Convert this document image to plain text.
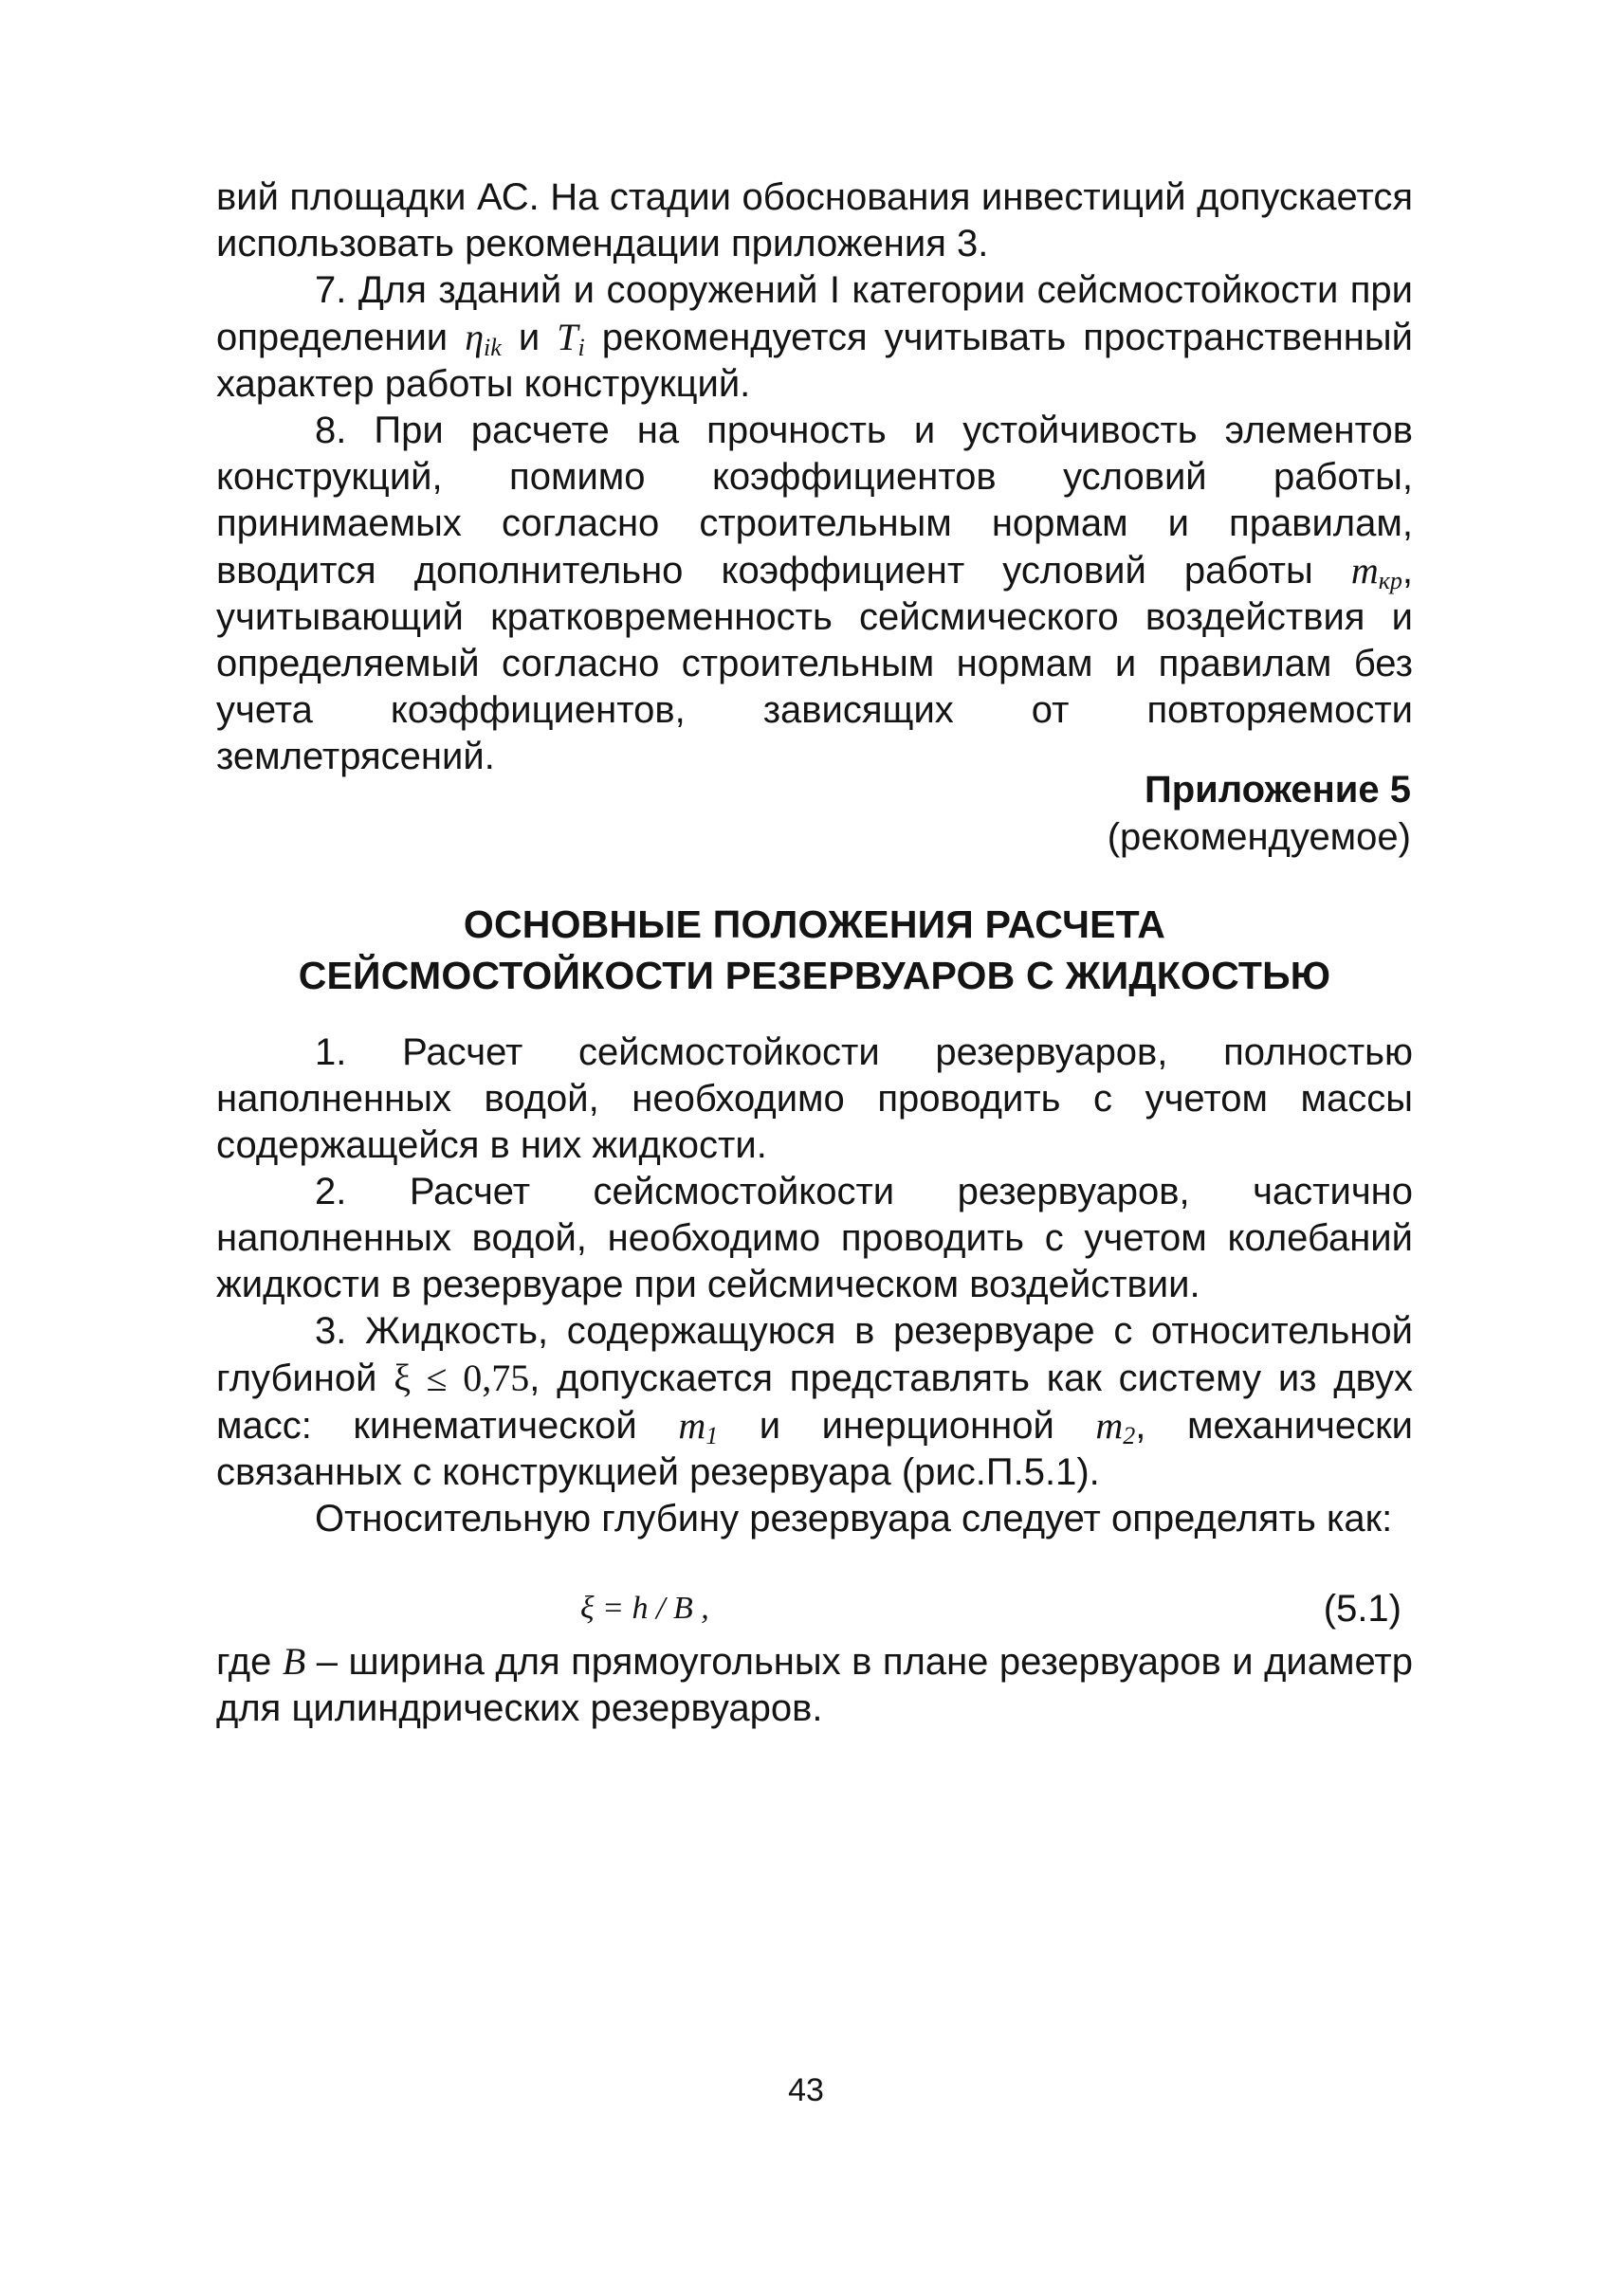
вий площадки АС. На стадии обоснования инвестиций допускается использовать рекомендации приложения 3.

7. Для зданий и сооружений I категории сейсмостойкости при определении $\eta_{ik}$ и $T_i$ рекомендуется учитывать пространственный характер работы конструкций.

8. При расчете на прочность и устойчивость элементов конструкций, помимо коэффициентов условий работы, принимаемых согласно строительным нормам и правилам, вводится дополнительно коэффициент условий работы $m_{кр}$, учитывающий кратковременность сейсмического воздействия и определяемый согласно строительным нормам и правилам без учета коэффициентов, зависящих от повторяемости землетрясений.

Приложение 5
(рекомендуемое)
ОСНОВНЫЕ ПОЛОЖЕНИЯ РАСЧЕТА
СЕЙСМОСТОЙКОСТИ РЕЗЕРВУАРОВ С ЖИДКОСТЬЮ

1. Расчет сейсмостойкости резервуаров, полностью наполненных водой, необходимо проводить с учетом массы содержащейся в них жидкости.

2. Расчет сейсмостойкости резервуаров, частично наполненных водой, необходимо проводить с учетом колебаний жидкости в резервуаре при сейсмическом воздействии.

3. Жидкость, содержащуюся в резервуаре с относительной глубиной ξ ≤ 0,75, допускается представлять как систему из двух масс: кинематической $m_1$ и инерционной $m_2$, механически связанных с конструкцией резервуара (рис.П.5.1).

Относительную глубину резервуара следует определять как:

ξ = h / B ,	(5.1)

где B – ширина для прямоугольных в плане резервуаров и диаметр для цилиндрических резервуаров.

43
